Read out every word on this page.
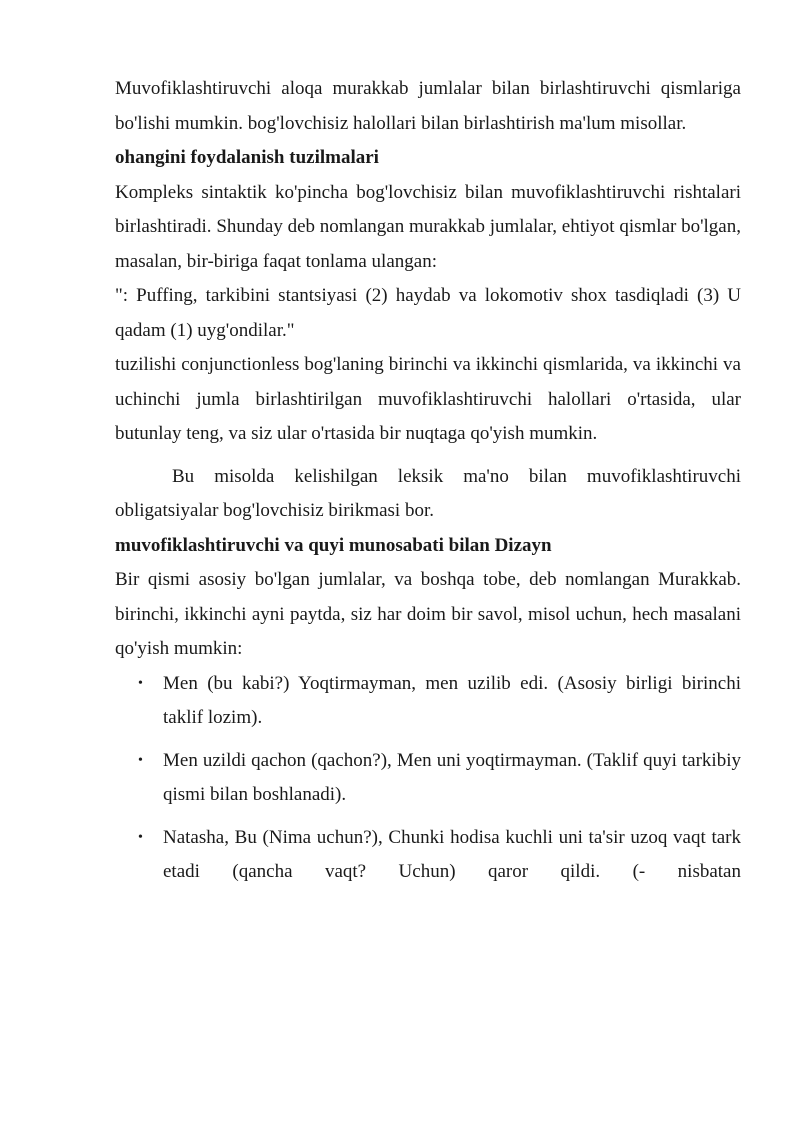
Muvofiklashtiruvchi aloqa murakkab jumlalar bilan birlashtiruvchi qismlariga bo'lishi mumkin. bog'lovchisiz halollari bilan birlashtirish ma'lum misollar.

ohangini foydalanish tuzilmalari

Kompleks sintaktik ko'pincha bog'lovchisiz bilan muvofiklashtiruvchi rishtalari birlashtiradi. Shunday deb nomlangan murakkab jumlalar, ehtiyot qismlar bo'lgan, masalan, bir-biriga faqat tonlama ulangan:

": Puffing, tarkibini stantsiyasi (2) haydab va lokomotiv shox tasdiqladi (3) U qadam (1) uyg'ondilar."

tuzilishi conjunctionless bog'laning birinchi va ikkinchi qismlarida, va ikkinchi va uchinchi jumla birlashtirilgan muvofiklashtiruvchi halollari o'rtasida, ular butunlay teng, va siz ular o'rtasida bir nuqtaga qo'yish mumkin.

Bu misolda kelishilgan leksik ma'no bilan muvofiklashtiruvchi obligatsiyalar bog'lovchisiz birikmasi bor.

muvofiklashtiruvchi va quyi munosabati bilan Dizayn

Bir qismi asosiy bo'lgan jumlalar, va boshqa tobe, deb nomlangan Murakkab. birinchi, ikkinchi ayni paytda, siz har doim bir savol, misol uchun, hech masalani qo'yish mumkin:

• Men (bu kabi?) Yoqtirmayman, men uzilib edi. (Asosiy birligi birinchi taklif lozim).
• Men uzildi qachon (qachon?), Men uni yoqtirmayman. (Taklif quyi tarkibiy qismi bilan boshlanadi).
• Natasha, Bu (Nima uchun?), Chunki hodisa kuchli uni ta'sir uzoq vaqt tark etadi (qancha vaqt? Uchun) qaror qildi. (- nisbatan
